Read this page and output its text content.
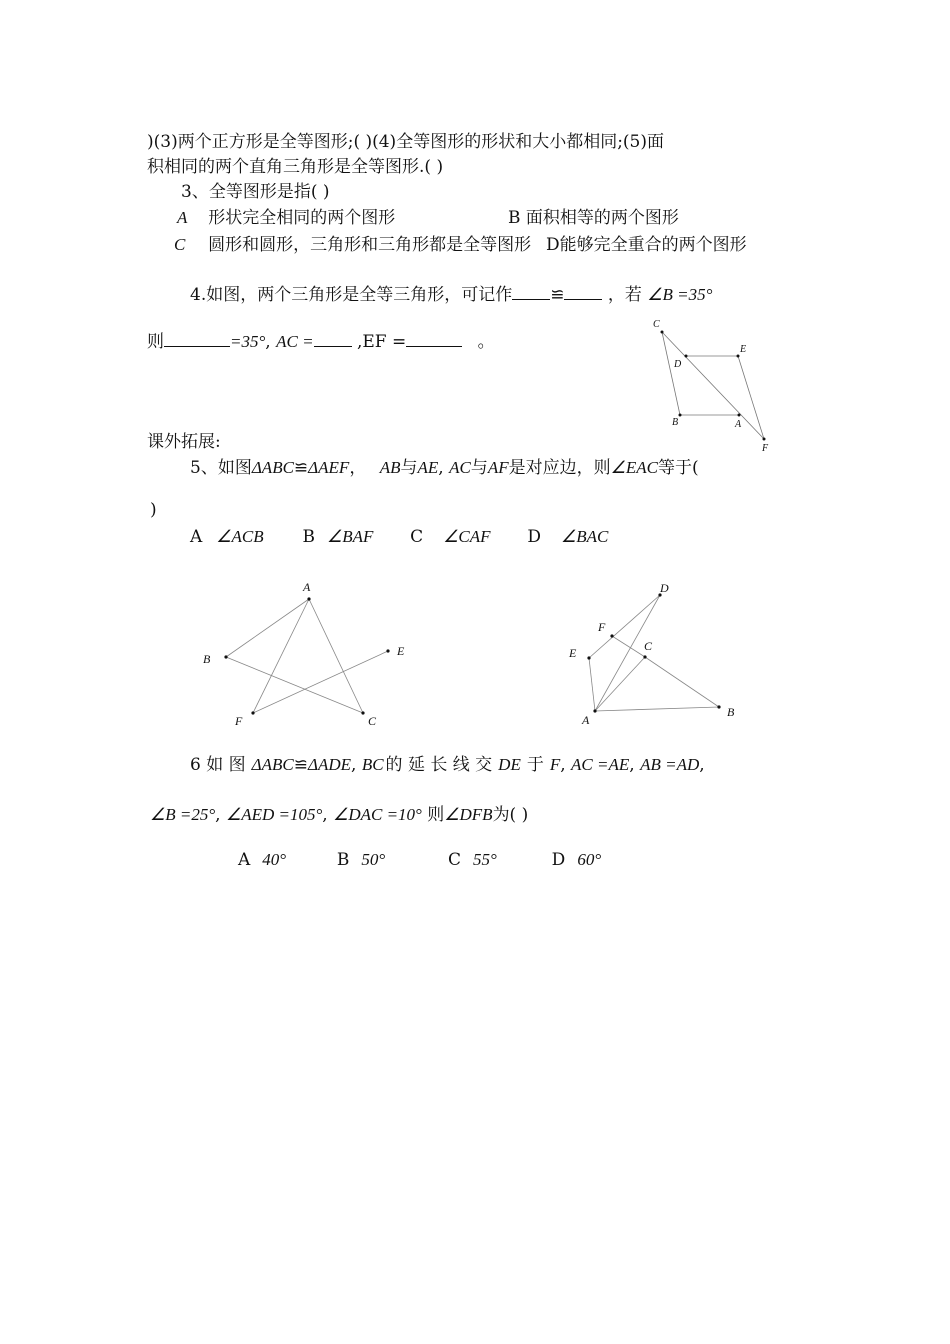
)(3)两个正方形是全等图形;( )(4)全等图形的形状和大小都相同;(5)面
积相同的两个直角三角形是全等图形.( )
3、全等图形是指( )
A 形状完全相同的两个图形	B 面积相等的两个图形
C 圆形和圆形，三角形和三角形都是全等图形 D能够完全重合的两个图形
4.如图，两个三角形是全等三角形，可记作 ≌	，若 ∠B =35°
则	=35°, AC =	,EF =	。
C
E
D
B	A
F
课外拓展:
5、如图ΔABC≌ΔAEF， AB与AE, AC与AF是对应边，则∠EAC等于(
)
A ∠ACB B ∠BAF C ∠CAF D ∠BAC
A
B
E
F	C
D
F
C
E
A
B
6 如 图 ΔABC≌ΔADE, BC 的 延 长 线 交 DE 于 F, AC =AE, AB =AD,
∠B =25°, ∠AED =105°, ∠DAC =10° 则∠DFB为( )
A 40°	B 50°	C 55°	D 60°
